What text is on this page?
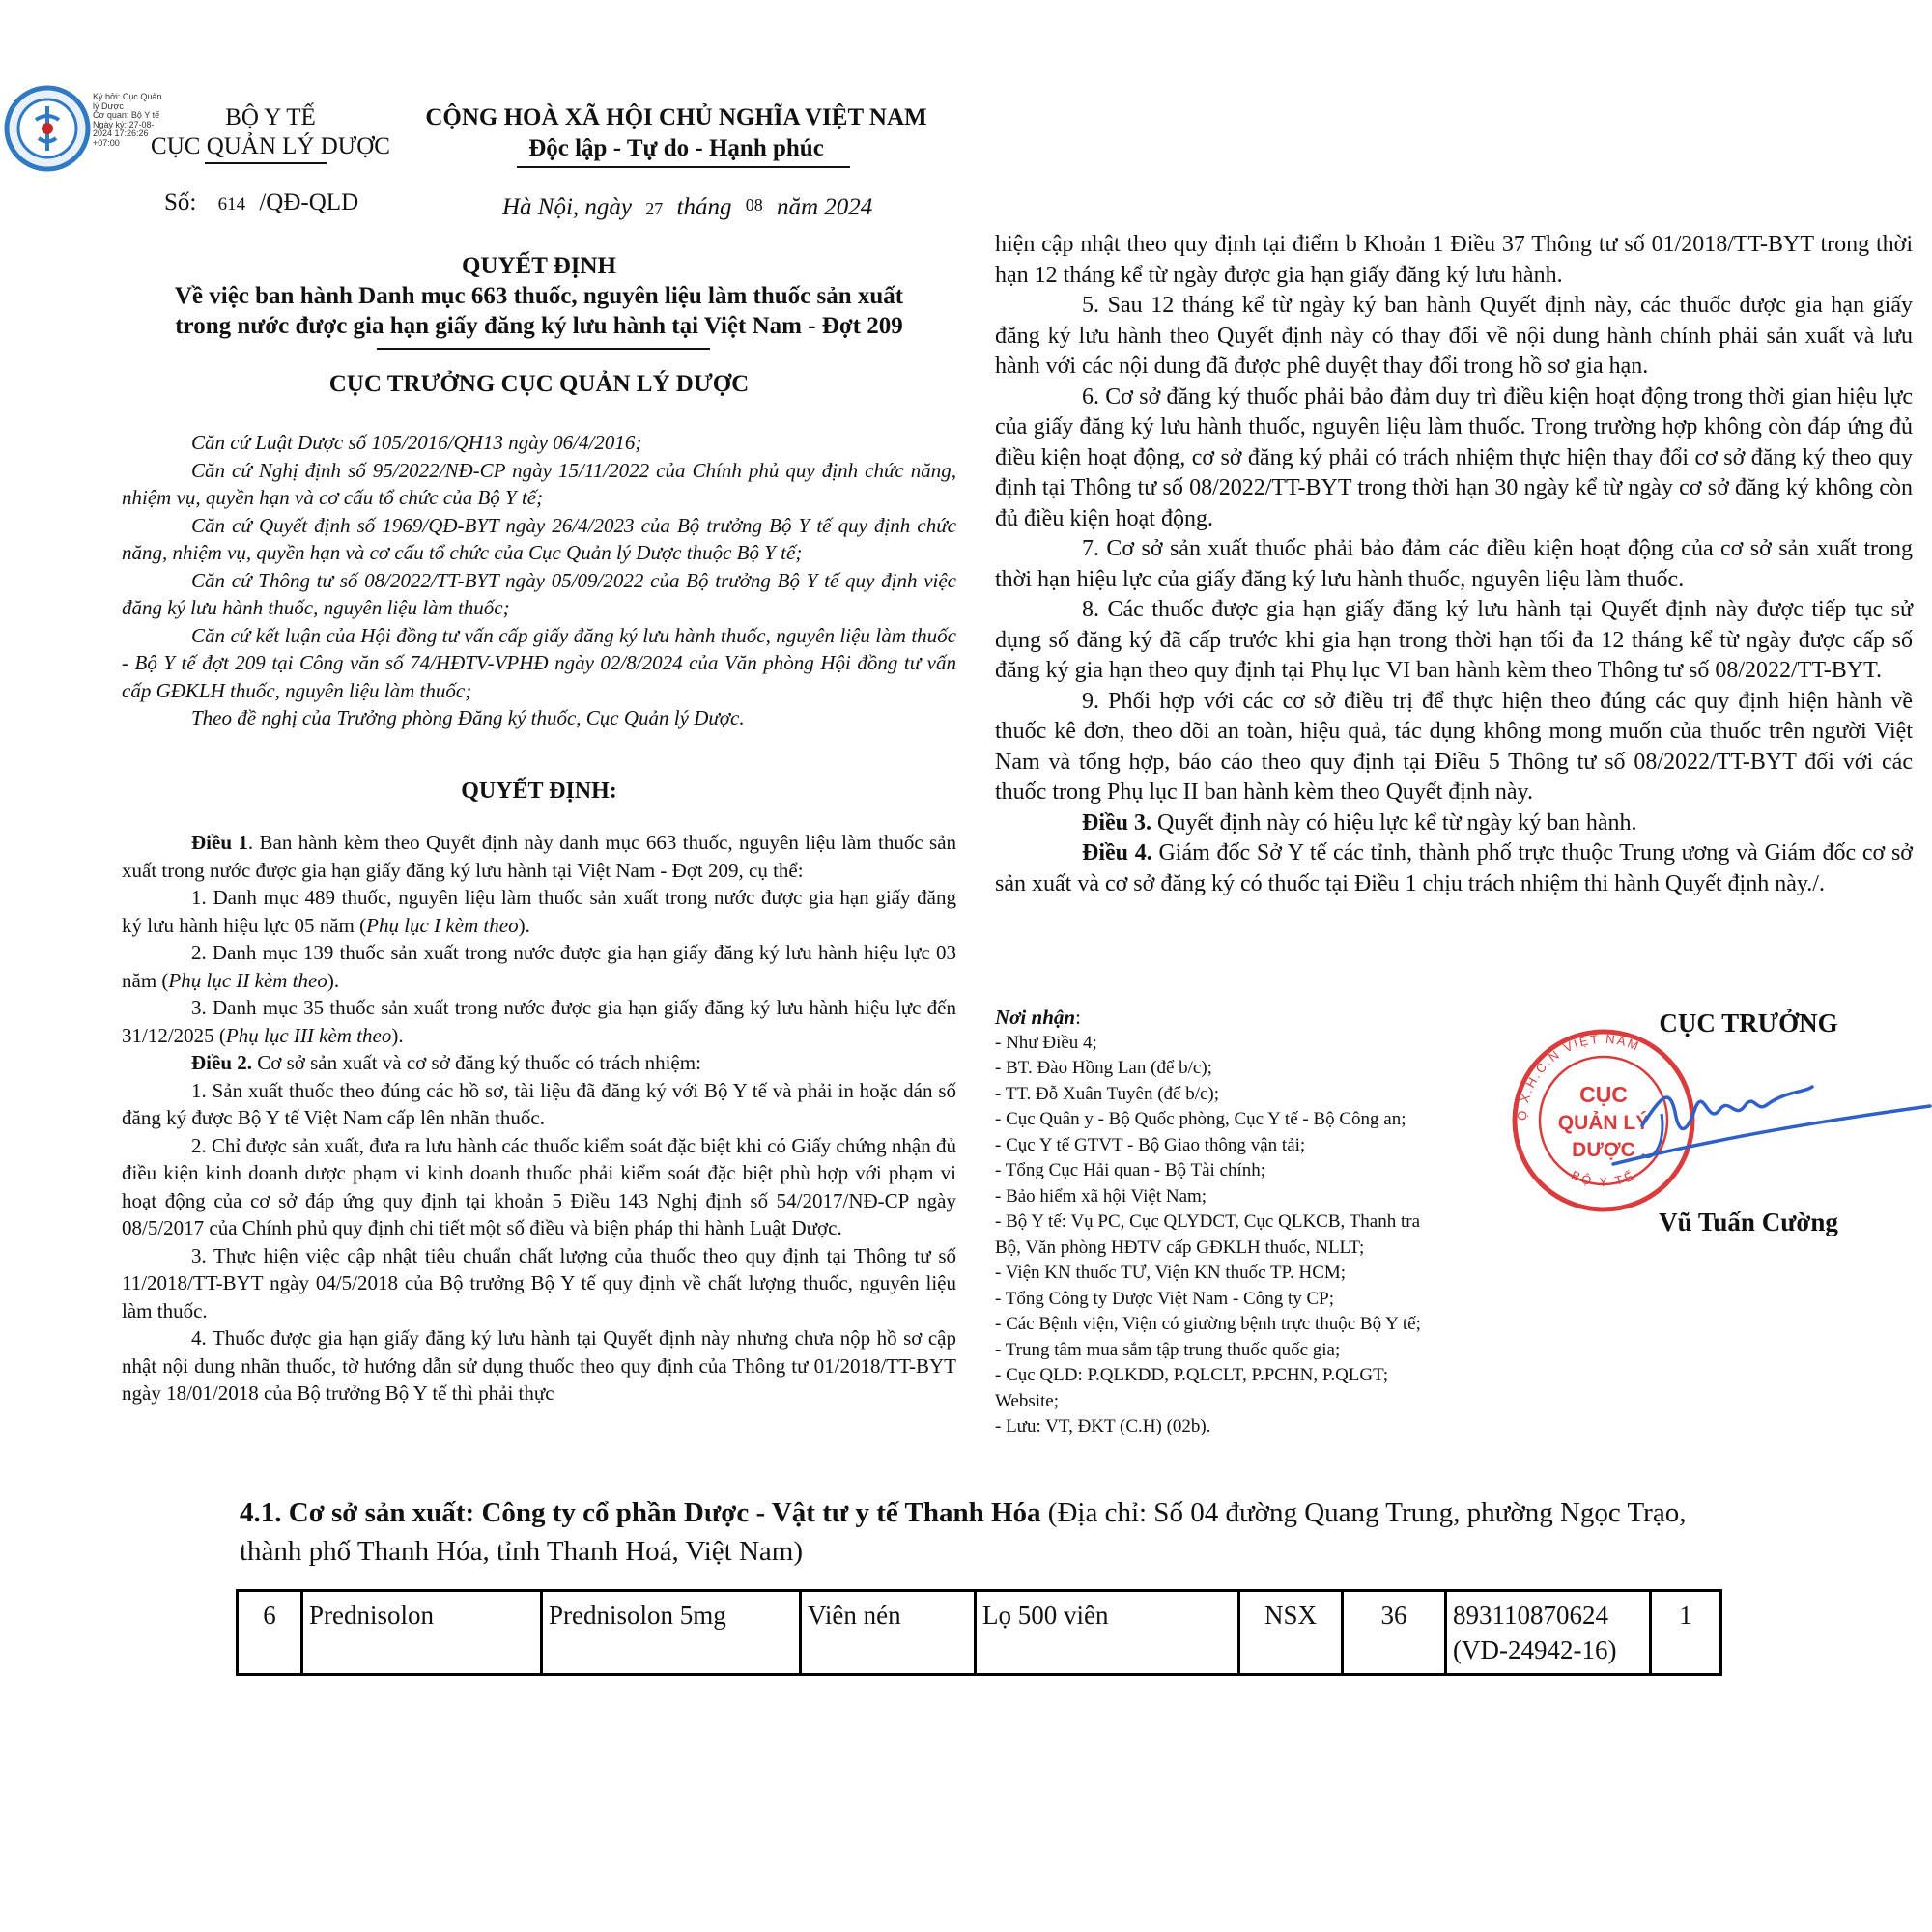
Ký bởi: Cục Quản
lý Dược
Cơ quan: Bộ Y tế
Ngày ký: 27-08-
2024 17:26:26
+07:00
BỘ Y TẾ
CỤC QUẢN LÝ DƯỢC
Số: 614 /QĐ-QLD
CỘNG HOÀ XÃ HỘI CHỦ NGHĨA VIỆT NAM
Độc lập - Tự do - Hạnh phúc
Hà Nội, ngày 27 tháng 08 năm 2024
QUYẾT ĐỊNH
Về việc ban hành Danh mục 663 thuốc, nguyên liệu làm thuốc sản xuất
trong nước được gia hạn giấy đăng ký lưu hành tại Việt Nam - Đợt 209
CỤC TRƯỞNG CỤC QUẢN LÝ DƯỢC

Căn cứ Luật Dược số 105/2016/QH13 ngày 06/4/2016;

Căn cứ Nghị định số 95/2022/NĐ-CP ngày 15/11/2022 của Chính phủ quy định chức năng, nhiệm vụ, quyền hạn và cơ cấu tổ chức của Bộ Y tế;

Căn cứ Quyết định số 1969/QĐ-BYT ngày 26/4/2023 của Bộ trưởng Bộ Y tế quy định chức năng, nhiệm vụ, quyền hạn và cơ cấu tổ chức của Cục Quản lý Dược thuộc Bộ Y tế;

Căn cứ Thông tư số 08/2022/TT-BYT ngày 05/09/2022 của Bộ trưởng Bộ Y tế quy định việc đăng ký lưu hành thuốc, nguyên liệu làm thuốc;

Căn cứ kết luận của Hội đồng tư vấn cấp giấy đăng ký lưu hành thuốc, nguyên liệu làm thuốc - Bộ Y tế đợt 209 tại Công văn số 74/HĐTV-VPHĐ ngày 02/8/2024 của Văn phòng Hội đồng tư vấn cấp GĐKLH thuốc, nguyên liệu làm thuốc;

Theo đề nghị của Trưởng phòng Đăng ký thuốc, Cục Quản lý Dược.

QUYẾT ĐỊNH:

Điều 1. Ban hành kèm theo Quyết định này danh mục 663 thuốc, nguyên liệu làm thuốc sản xuất trong nước được gia hạn giấy đăng ký lưu hành tại Việt Nam - Đợt 209, cụ thể:

1. Danh mục 489 thuốc, nguyên liệu làm thuốc sản xuất trong nước được gia hạn giấy đăng ký lưu hành hiệu lực 05 năm (Phụ lục I kèm theo).

2. Danh mục 139 thuốc sản xuất trong nước được gia hạn giấy đăng ký lưu hành hiệu lực 03 năm (Phụ lục II kèm theo).

3. Danh mục 35 thuốc sản xuất trong nước được gia hạn giấy đăng ký lưu hành hiệu lực đến 31/12/2025 (Phụ lục III kèm theo).

Điều 2. Cơ sở sản xuất và cơ sở đăng ký thuốc có trách nhiệm:

1. Sản xuất thuốc theo đúng các hồ sơ, tài liệu đã đăng ký với Bộ Y tế và phải in hoặc dán số đăng ký được Bộ Y tế Việt Nam cấp lên nhãn thuốc.

2. Chỉ được sản xuất, đưa ra lưu hành các thuốc kiểm soát đặc biệt khi có Giấy chứng nhận đủ điều kiện kinh doanh dược phạm vi kinh doanh thuốc phải kiểm soát đặc biệt phù hợp với phạm vi hoạt động của cơ sở đáp ứng quy định tại khoản 5 Điều 143 Nghị định số 54/2017/NĐ-CP ngày 08/5/2017 của Chính phủ quy định chi tiết một số điều và biện pháp thi hành Luật Dược.

3. Thực hiện việc cập nhật tiêu chuẩn chất lượng của thuốc theo quy định tại Thông tư số 11/2018/TT-BYT ngày 04/5/2018 của Bộ trưởng Bộ Y tế quy định về chất lượng thuốc, nguyên liệu làm thuốc.

4. Thuốc được gia hạn giấy đăng ký lưu hành tại Quyết định này nhưng chưa nộp hồ sơ cập nhật nội dung nhãn thuốc, tờ hướng dẫn sử dụng thuốc theo quy định của Thông tư 01/2018/TT-BYT ngày 18/01/2018 của Bộ trưởng Bộ Y tế thì phải thực

hiện cập nhật theo quy định tại điểm b Khoản 1 Điều 37 Thông tư số 01/2018/TT-BYT trong thời hạn 12 tháng kể từ ngày được gia hạn giấy đăng ký lưu hành.

5. Sau 12 tháng kể từ ngày ký ban hành Quyết định này, các thuốc được gia hạn giấy đăng ký lưu hành theo Quyết định này có thay đổi về nội dung hành chính phải sản xuất và lưu hành với các nội dung đã được phê duyệt thay đổi trong hồ sơ gia hạn.

6. Cơ sở đăng ký thuốc phải bảo đảm duy trì điều kiện hoạt động trong thời gian hiệu lực của giấy đăng ký lưu hành thuốc, nguyên liệu làm thuốc. Trong trường hợp không còn đáp ứng đủ điều kiện hoạt động, cơ sở đăng ký phải có trách nhiệm thực hiện thay đổi cơ sở đăng ký theo quy định tại Thông tư số 08/2022/TT-BYT trong thời hạn 30 ngày kể từ ngày cơ sở đăng ký không còn đủ điều kiện hoạt động.

7. Cơ sở sản xuất thuốc phải bảo đảm các điều kiện hoạt động của cơ sở sản xuất trong thời hạn hiệu lực của giấy đăng ký lưu hành thuốc, nguyên liệu làm thuốc.

8. Các thuốc được gia hạn giấy đăng ký lưu hành tại Quyết định này được tiếp tục sử dụng số đăng ký đã cấp trước khi gia hạn trong thời hạn tối đa 12 tháng kể từ ngày được cấp số đăng ký gia hạn theo quy định tại Phụ lục VI ban hành kèm theo Thông tư số 08/2022/TT-BYT.

9. Phối hợp với các cơ sở điều trị để thực hiện theo đúng các quy định hiện hành về thuốc kê đơn, theo dõi an toàn, hiệu quả, tác dụng không mong muốn của thuốc trên người Việt Nam và tổng hợp, báo cáo theo quy định tại Điều 5 Thông tư số 08/2022/TT-BYT đối với các thuốc trong Phụ lục II ban hành kèm theo Quyết định này.

Điều 3. Quyết định này có hiệu lực kể từ ngày ký ban hành.

Điều 4. Giám đốc Sở Y tế các tỉnh, thành phố trực thuộc Trung ương và Giám đốc cơ sở sản xuất và cơ sở đăng ký có thuốc tại Điều 1 chịu trách nhiệm thi hành Quyết định này./.

Nơi nhận:
- Như Điều 4;
- BT. Đào Hồng Lan (để b/c);
- TT. Đỗ Xuân Tuyên (để b/c);
- Cục Quân y - Bộ Quốc phòng, Cục Y tế - Bộ Công an;
- Cục Y tế GTVT - Bộ Giao thông vận tải;
- Tổng Cục Hải quan - Bộ Tài chính;
- Bảo hiểm xã hội Việt Nam;
- Bộ Y tế: Vụ PC, Cục QLYDCT, Cục QLKCB, Thanh tra
Bộ, Văn phòng HĐTV cấp GĐKLH thuốc, NLLT;
- Viện KN thuốc TƯ, Viện KN thuốc TP. HCM;
- Tổng Công ty Dược Việt Nam - Công ty CP;
- Các Bệnh viện, Viện có giường bệnh trực thuộc Bộ Y tế;
- Trung tâm mua sắm tập trung thuốc quốc gia;
- Cục QLD: P.QLKDD, P.QLCLT, P.PCHN, P.QLGT;
Website;
- Lưu: VT, ĐKT (C.H) (02b).
CỤC TRƯỞNG
CỤC
QUẢN LÝ
DƯỢC
Ộ X.H.C.N VIỆT NAM
BỘ Y TẾ
Vũ Tuấn Cường
4.1. Cơ sở sản xuất: Công ty cổ phần Dược - Vật tư y tế Thanh Hóa (Địa chỉ: Số 04 đường Quang Trung, phường Ngọc Trạo, thành phố Thanh Hóa, tỉnh Thanh Hoá, Việt Nam)
6	Prednisolon	Prednisolon 5mg	Viên nén	Lọ 500 viên	NSX	36	893110870624
(VD-24942-16)
	1
